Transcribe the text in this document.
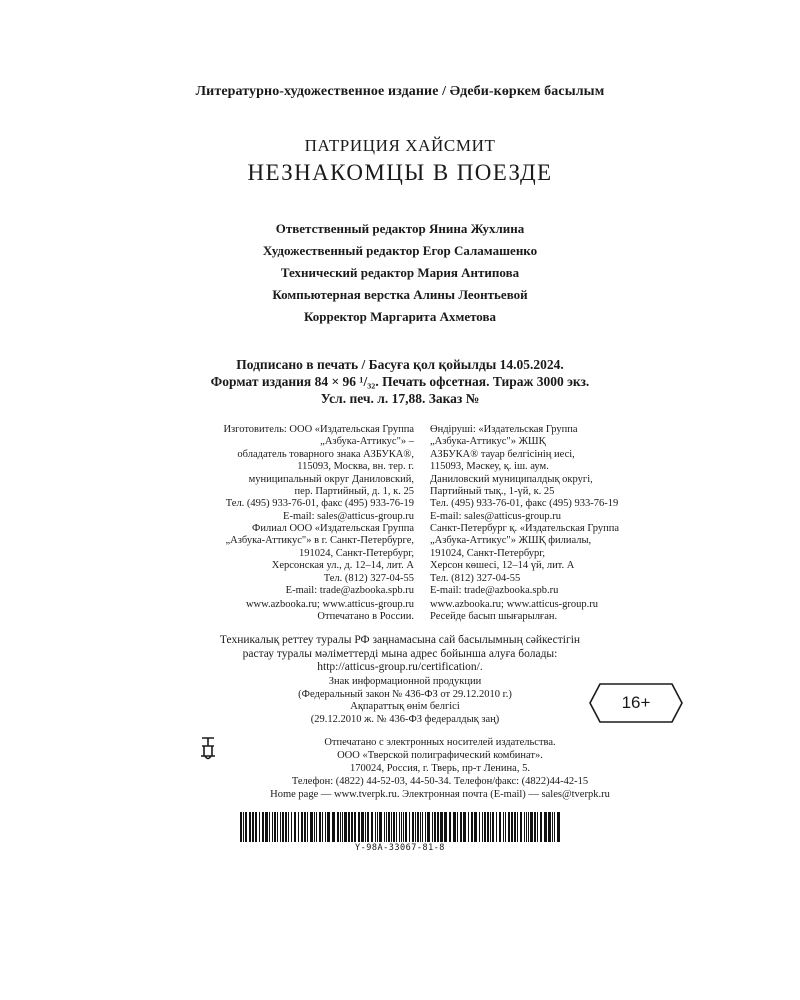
Литературно-художественное издание / Әдеби-көркем басылым
ПАТРИЦИЯ ХАЙСМИТ
НЕЗНАКОМЦЫ В ПОЕЗДЕ
Ответственный редактор Янина Жухлина
Художественный редактор Егор Саламашенко
Технический редактор Мария Антипова
Компьютерная верстка Алины Леонтьевой
Корректор Маргарита Ахметова
Подписано в печать / Басуға қол қойылды 14.05.2024.
Формат издания 84 × 96 ¹/₃₂. Печать офсетная. Тираж 3000 экз.
Усл. печ. л. 17,88. Заказ №
Изготовитель: ООО «Издательская Группа
„Азбука-Аттикус"» –
обладатель товарного знака АЗБУКА®,
115093, Москва, вн. тер. г.
муниципальный округ Даниловский,
пер. Партийный, д. 1, к. 25
Тел. (495) 933-76-01, факс (495) 933-76-19
E-mail: sales@atticus-group.ru
Өндіруші: «Издательская Группа
„Азбука-Аттикус"» ЖШҚ
АЗБУКА® тауар белгісінің иесі,
115093, Мәскеу, қ. іш. аум.
Даниловский муниципалдық округі,
Партийный тық., 1-үй, к. 25
Тел. (495) 933-76-01, факс (495) 933-76-19
E-mail: sales@atticus-group.ru
Филиал ООО «Издательская Группа
„Азбука-Аттикус"» в г. Санкт-Петербурге,
191024, Санкт-Петербург,
Херсонская ул., д. 12–14, лит. А
Тел. (812) 327-04-55
E-mail: trade@azbooka.spb.ru
Санкт-Петербург қ. «Издательская Группа
„Азбука-Аттикус"» ЖШҚ филиалы,
191024, Санкт-Петербург,
Херсон көшесі, 12–14 үй, лит. А
Тел. (812) 327-04-55
E-mail: trade@azbooka.spb.ru
www.azbooka.ru; www.atticus-group.ru
Отпечатано в России.
www.azbooka.ru; www.atticus-group.ru
Ресейде басып шығарылған.
Техникалық реттеу туралы РФ заңнамасына сай басылымның сәйкестігін
растау туралы мәліметтерді мына адрес бойынша алуға болады:
http://atticus-group.ru/certification/.
Знак информационной продукции
(Федеральный закон № 436-ФЗ от 29.12.2010 г.)
Ақпараттық өнім белгісі
(29.12.2010 ж. № 436-ФЗ федералдық заң)
16+
Отпечатано с электронных носителей издательства.
ООО «Тверской полиграфический комбинат».
170024, Россия, г. Тверь, пр-т Ленина, 5.
Телефон: (4822) 44-52-03, 44-50-34. Телефон/факс: (4822)44-42-15
Home page — www.tverpk.ru. Электронная почта (E-mail) — sales@tverpk.ru
Y-98A-33067-81-8
